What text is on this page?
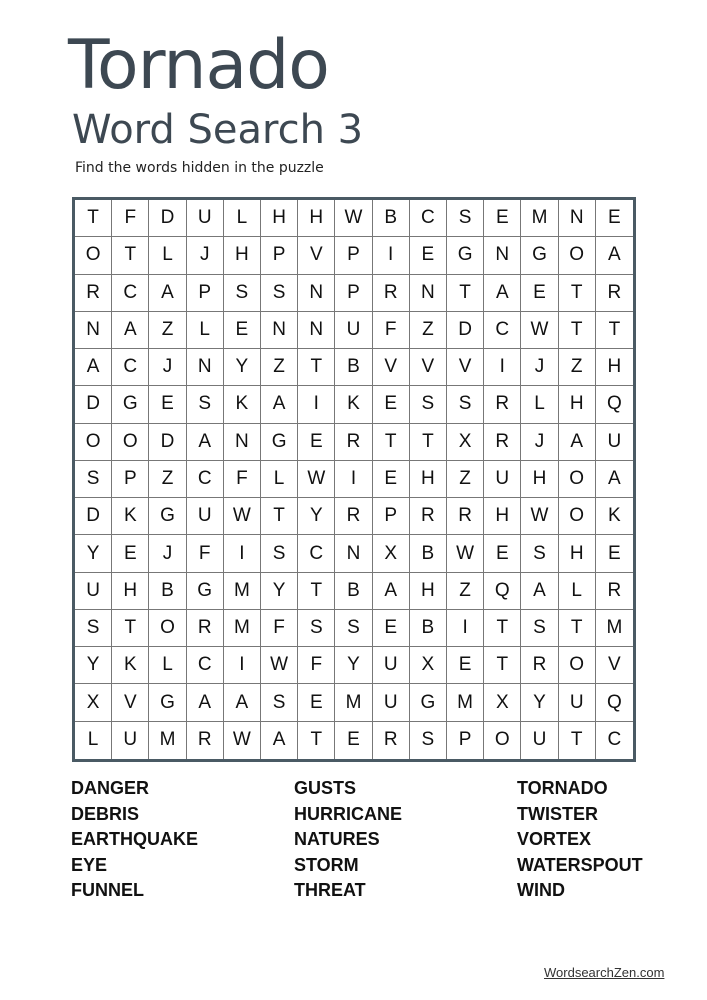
Tornado
Word Search 3
Find the words hidden in the puzzle
T	F	D	U	L	H	H	W	B	C	S	E	M	N	E
O	T	L	J	H	P	V	P	I	E	G	N	G	O	A
R	C	A	P	S	S	N	P	R	N	T	A	E	T	R
N	A	Z	L	E	N	N	U	F	Z	D	C	W	T	T
A	C	J	N	Y	Z	T	B	V	V	V	I	J	Z	H
D	G	E	S	K	A	I	K	E	S	S	R	L	H	Q
O	O	D	A	N	G	E	R	T	T	X	R	J	A	U
S	P	Z	C	F	L	W	I	E	H	Z	U	H	O	A
D	K	G	U	W	T	Y	R	P	R	R	H	W	O	K
Y	E	J	F	I	S	C	N	X	B	W	E	S	H	E
U	H	B	G	M	Y	T	B	A	H	Z	Q	A	L	R
S	T	O	R	M	F	S	S	E	B	I	T	S	T	M
Y	K	L	C	I	W	F	Y	U	X	E	T	R	O	V
X	V	G	A	A	S	E	M	U	G	M	X	Y	U	Q
L	U	M	R	W	A	T	E	R	S	P	O	U	T	C
DANGER
DEBRIS
EARTHQUAKE
EYE
FUNNEL
GUSTS
HURRICANE
NATURES
STORM
THREAT
TORNADO
TWISTER
VORTEX
WATERSPOUT
WIND
WordsearchZen.com
